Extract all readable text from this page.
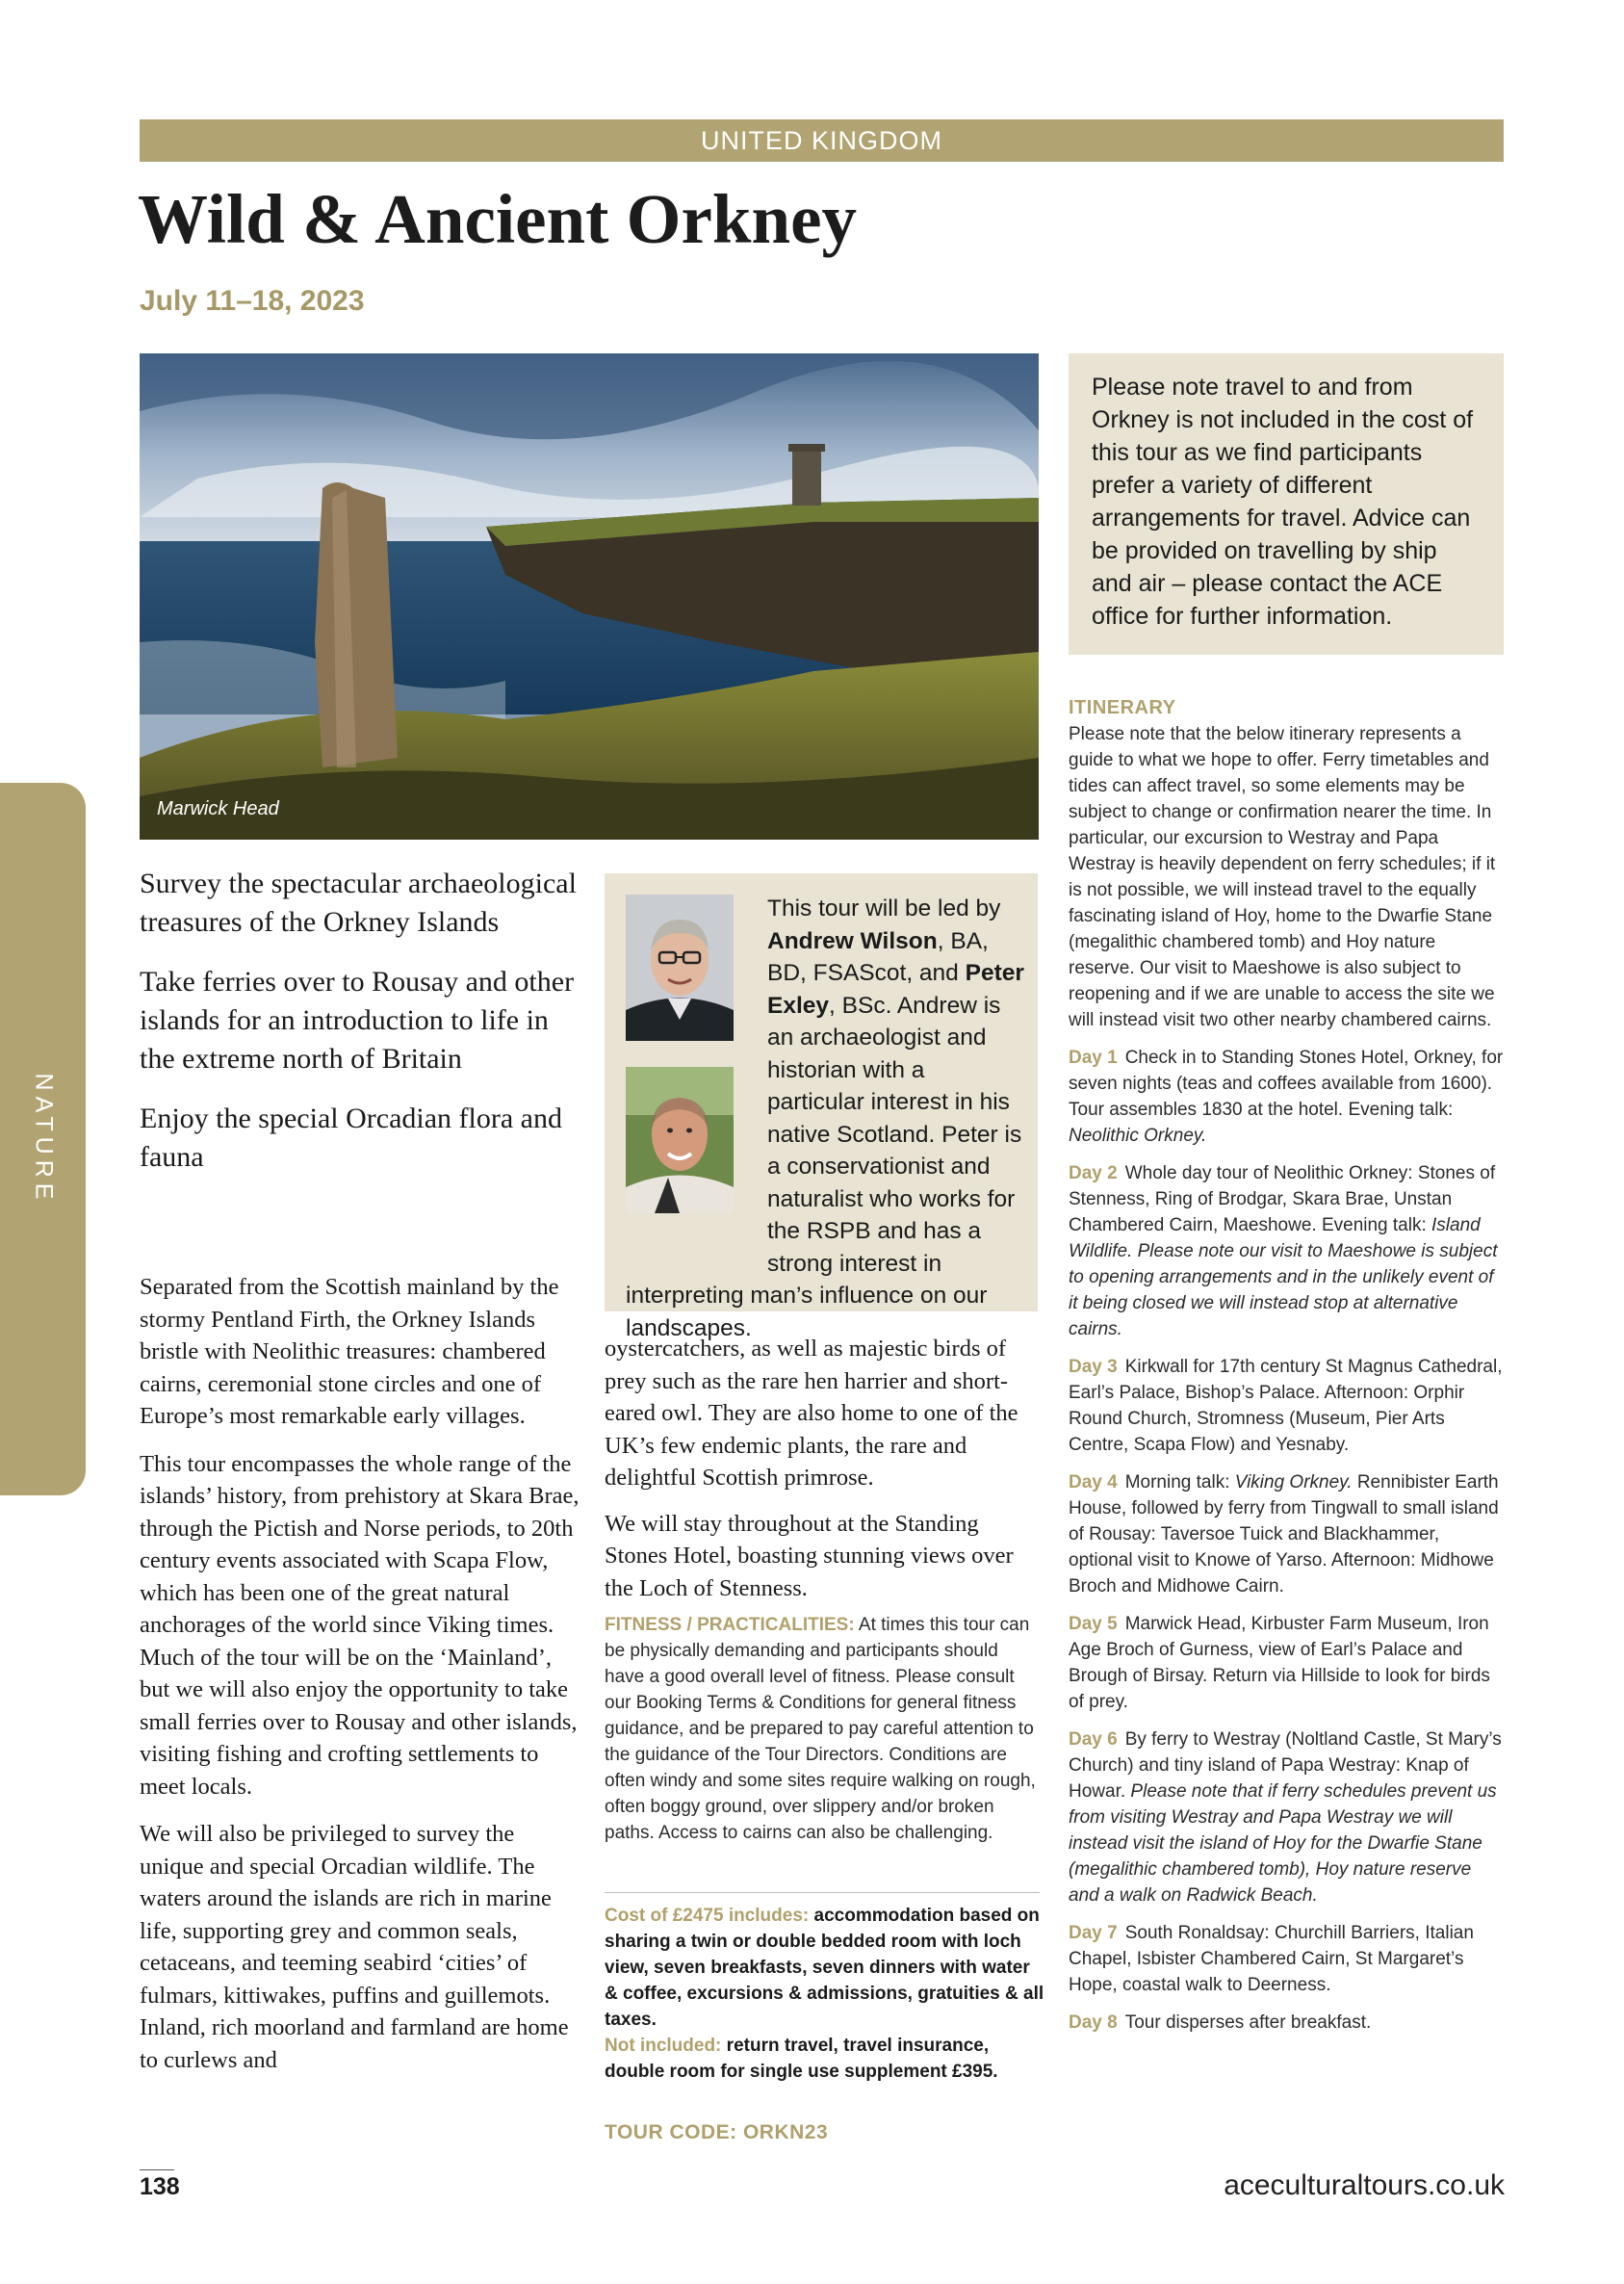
UNITED KINGDOM
Wild & Ancient Orkney
July 11–18, 2023
Marwick Head
NATURE

Please note travel to and from Orkney is not included in the cost of this tour as we find participants prefer a variety of different arrangements for travel. Advice can be provided on travelling by ship and air – please contact the ACE office for further information.

Survey the spectacular archaeological treasures of the Orkney Islands

Take ferries over to Rousay and other islands for an introduction to life in the extreme north of Britain

Enjoy the special Orcadian flora and fauna

Separated from the Scottish mainland by the stormy Pentland Firth, the Orkney Islands bristle with Neolithic treasures: chambered cairns, ceremonial stone circles and one of Europe’s most remarkable early villages.

This tour encompasses the whole range of the islands’ history, from prehistory at Skara Brae, through the Pictish and Norse periods, to 20th century events associated with Scapa Flow, which has been one of the great natural anchorages of the world since Viking times. Much of the tour will be on the ‘Mainland’, but we will also enjoy the opportunity to take small ferries over to Rousay and other islands, visiting fishing and crofting settlements to meet locals.

We will also be privileged to survey the unique and special Orcadian wildlife. The waters around the islands are rich in marine life, supporting grey and common seals, cetaceans, and teeming seabird ‘cities’ of fulmars, kittiwakes, puffins and guillemots. Inland, rich moorland and farmland are home to curlews and

This tour will be led by Andrew Wilson, BA, BD, FSAScot, and Peter Exley, BSc. Andrew is an archaeologist and historian with a particular interest in his native Scotland. Peter is a conservationist and naturalist who works for the RSPB and has a strong interest in interpreting man’s influence on our landscapes.

oystercatchers, as well as majestic birds of prey such as the rare hen harrier and short-eared owl. They are also home to one of the UK’s few endemic plants, the rare and delightful Scottish primrose.

We will stay throughout at the Standing Stones Hotel, boasting stunning views over the Loch of Stenness.

FITNESS / PRACTICALITIES: At times this tour can be physically demanding and participants should have a good overall level of fitness. Please consult our Booking Terms & Conditions for general fitness guidance, and be prepared to pay careful attention to the guidance of the Tour Directors. Conditions are often windy and some sites require walking on rough, often boggy ground, over slippery and/or broken paths. Access to cairns can also be challenging.

Cost of £2475 includes: accommodation based on sharing a twin or double bedded room with loch view, seven breakfasts, seven dinners with water & coffee, excursions & admissions, gratuities & all taxes.
Not included: return travel, travel insurance, double room for single use supplement £395.
TOUR CODE: ORKN23
ITINERARY

Please note that the below itinerary represents a guide to what we hope to offer. Ferry timetables and tides can affect travel, so some elements may be subject to change or confirmation nearer the time. In particular, our excursion to Westray and Papa Westray is heavily dependent on ferry schedules; if it is not possible, we will instead travel to the equally fascinating island of Hoy, home to the Dwarfie Stane (megalithic chambered tomb) and Hoy nature reserve. Our visit to Maeshowe is also subject to reopening and if we are unable to access the site we will instead visit two other nearby chambered cairns.

Day 1 Check in to Standing Stones Hotel, Orkney, for seven nights (teas and coffees available from 1600). Tour assembles 1830 at the hotel. Evening talk: Neolithic Orkney.

Day 2 Whole day tour of Neolithic Orkney: Stones of Stenness, Ring of Brodgar, Skara Brae, Unstan Chambered Cairn, Maeshowe. Evening talk: Island Wildlife. Please note our visit to Maeshowe is subject to opening arrangements and in the unlikely event of it being closed we will instead stop at alternative cairns.

Day 3 Kirkwall for 17th century St Magnus Cathedral, Earl’s Palace, Bishop’s Palace. Afternoon: Orphir Round Church, Stromness (Museum, Pier Arts Centre, Scapa Flow) and Yesnaby.

Day 4 Morning talk: Viking Orkney. Rennibister Earth House, followed by ferry from Tingwall to small island of Rousay: Taversoe Tuick and Blackhammer, optional visit to Knowe of Yarso. Afternoon: Midhowe Broch and Midhowe Cairn.

Day 5 Marwick Head, Kirbuster Farm Museum, Iron Age Broch of Gurness, view of Earl’s Palace and Brough of Birsay. Return via Hillside to look for birds of prey.

Day 6 By ferry to Westray (Noltland Castle, St Mary’s Church) and tiny island of Papa Westray: Knap of Howar. Please note that if ferry schedules prevent us from visiting Westray and Papa Westray we will instead visit the island of Hoy for the Dwarfie Stane (megalithic chambered tomb), Hoy nature reserve and a walk on Radwick Beach.

Day 7 South Ronaldsay: Churchill Barriers, Italian Chapel, Isbister Chambered Cairn, St Margaret’s Hope, coastal walk to Deerness.

Day 8 Tour disperses after breakfast.

138	aceculturaltours.co.uk
